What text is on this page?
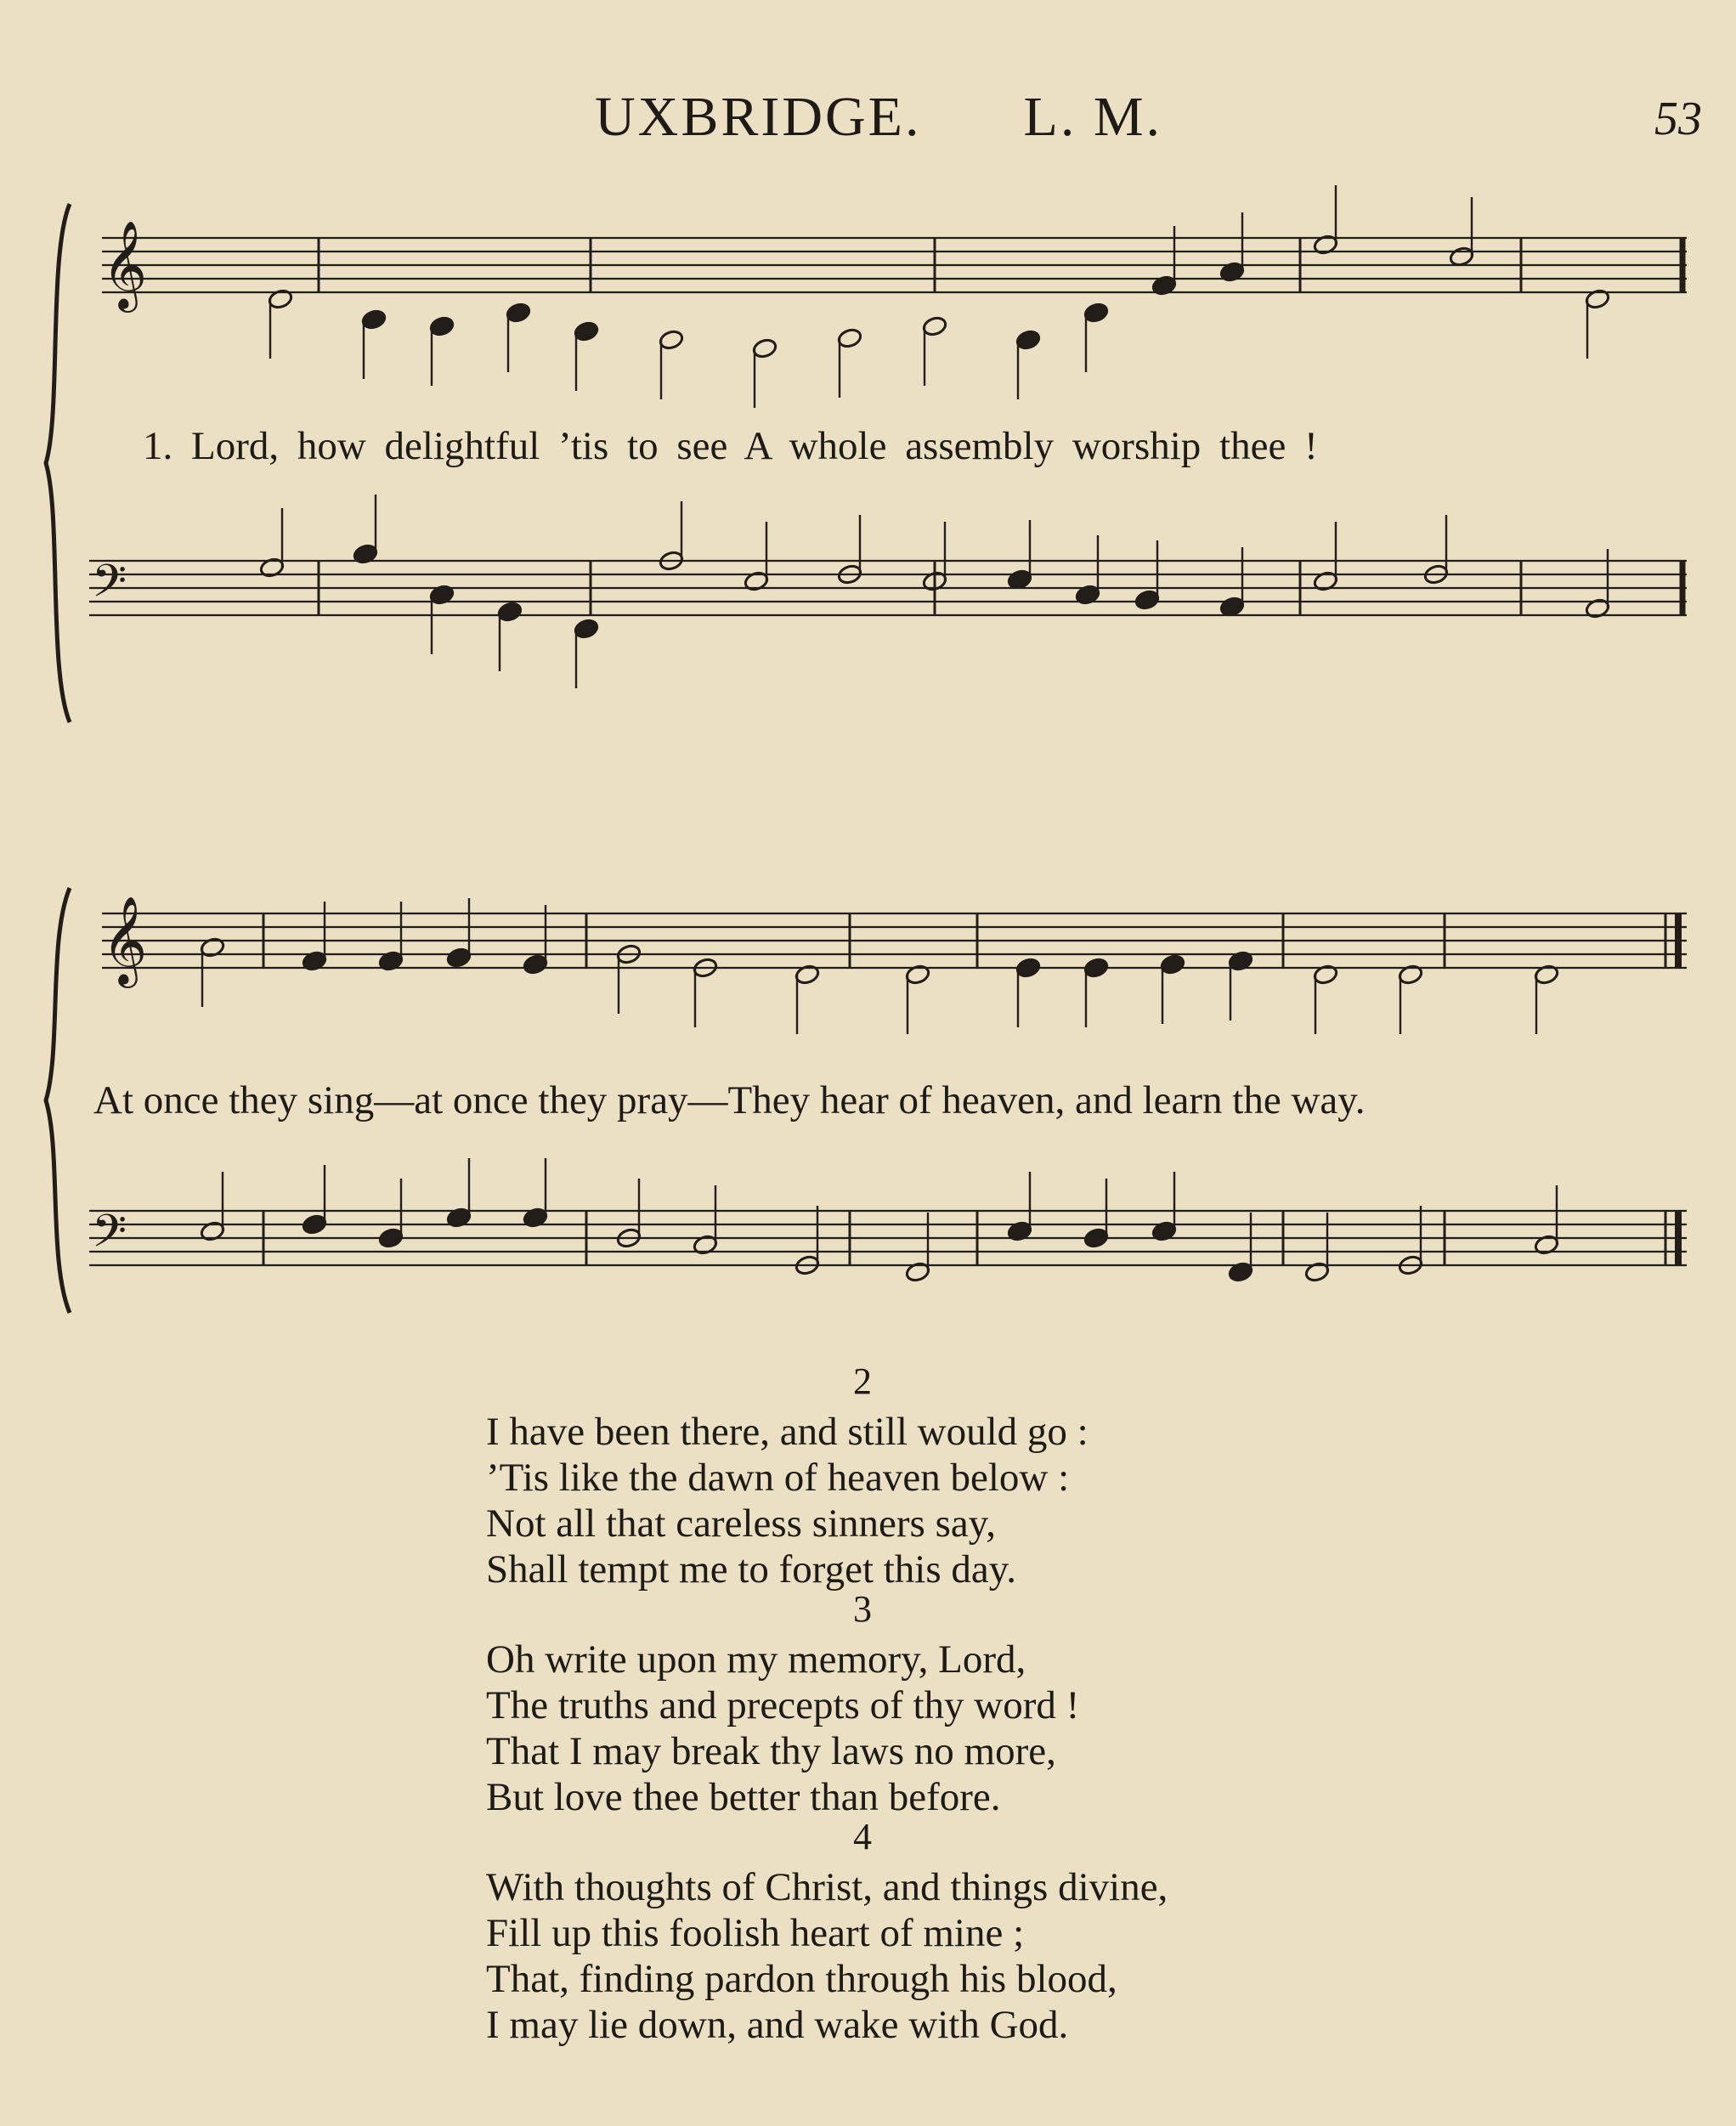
UXBRIDGE. L. M.	53
𝄞
𝄢
1. Lord, how delightful ’tis to see A whole assembly worship thee !
𝄞
𝄢
At once they sing—at once they pray—They hear of heaven, and learn the way.
2
I have been there, and still would go :
’Tis like the dawn of heaven below :
Not all that careless sinners say,
Shall tempt me to forget this day.
3
Oh write upon my memory, Lord,
The truths and precepts of thy word !
That I may break thy laws no more,
But love thee better than before.
4
With thoughts of Christ, and things divine,
Fill up this foolish heart of mine ;
That, finding pardon through his blood,
I may lie down, and wake with God.
